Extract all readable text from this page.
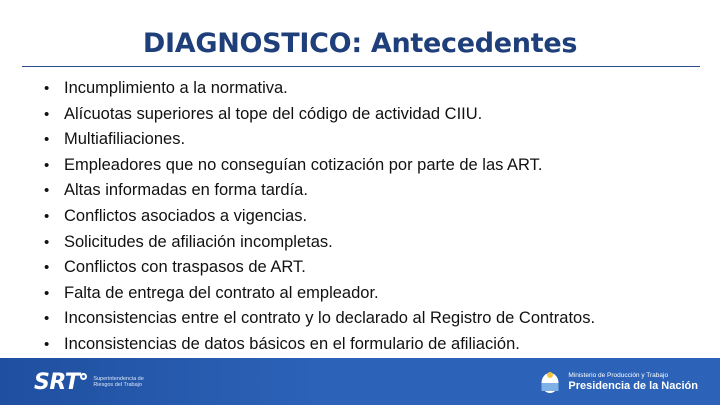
DIAGNOSTICO: Antecedentes
• Incumplimiento a la normativa.
• Alícuotas superiores al tope del código de actividad CIIU.
• Multiafiliaciones.
• Empleadores que no conseguían cotización por parte de las ART.
• Altas informadas en forma tardía.
• Conflictos asociados a vigencias.
• Solicitudes de afiliación incompletas.
• Conflictos con traspasos de ART.
• Falta de entrega del contrato al empleador.
• Inconsistencias entre el contrato y lo declarado al Registro de Contratos.
• Inconsistencias de datos básicos en el formulario de afiliación.
SRT	Superintendencia de Riesgos del Trabajo
Ministerio de Producción y Trabajo
Presidencia de la Nación
